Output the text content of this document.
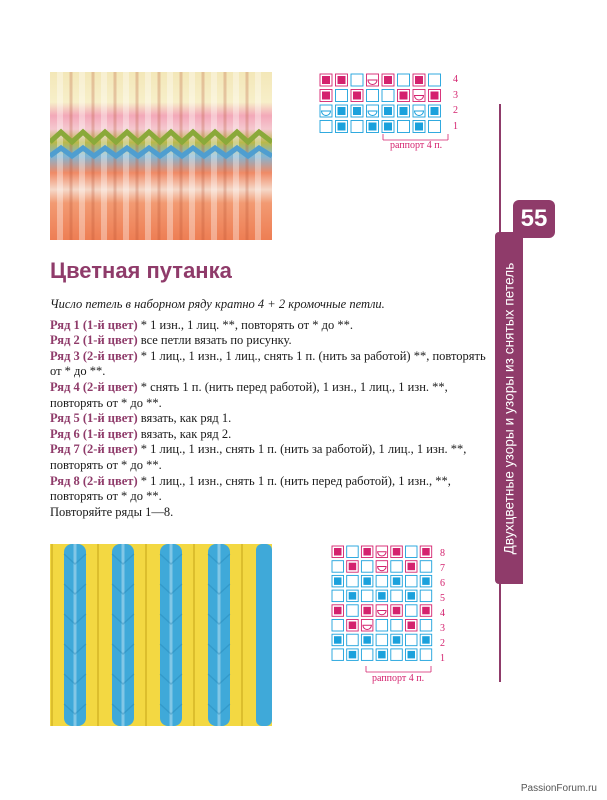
4
3
2
1
раппорт 4 п.
Двухцветные узоры и узоры из снятых петель
55
Цветная путанка

Число петель в наборном ряду кратно 4 + 2 кромочные петли.

Ряд 1 (1-й цвет) * 1 изн., 1 лиц. **, повторять от * до **.

Ряд 2 (1-й цвет) все петли вязать по рисунку.

Ряд 3 (2-й цвет) * 1 лиц., 1 изн., 1 лиц., снять 1 п. (нить за работой) **, повторять от * до **.

Ряд 4 (2-й цвет) * снять 1 п. (нить перед работой), 1 изн., 1 лиц., 1 изн. **, повторять от * до **.

Ряд 5 (1-й цвет) вязать, как ряд 1.

Ряд 6 (1-й цвет) вязать, как ряд 2.

Ряд 7 (2-й цвет) * 1 лиц., 1 изн., снять 1 п. (нить за работой), 1 лиц., 1 изн. **, повторять от * до **.

Ряд 8 (2-й цвет) * 1 лиц., 1 изн., снять 1 п. (нить перед работой), 1 изн., **, повторять от * до **.

Повторяйте ряды 1—8.

8
7
6
5
4
3
2
1
раппорт 4 п.
PassionForum.ru
